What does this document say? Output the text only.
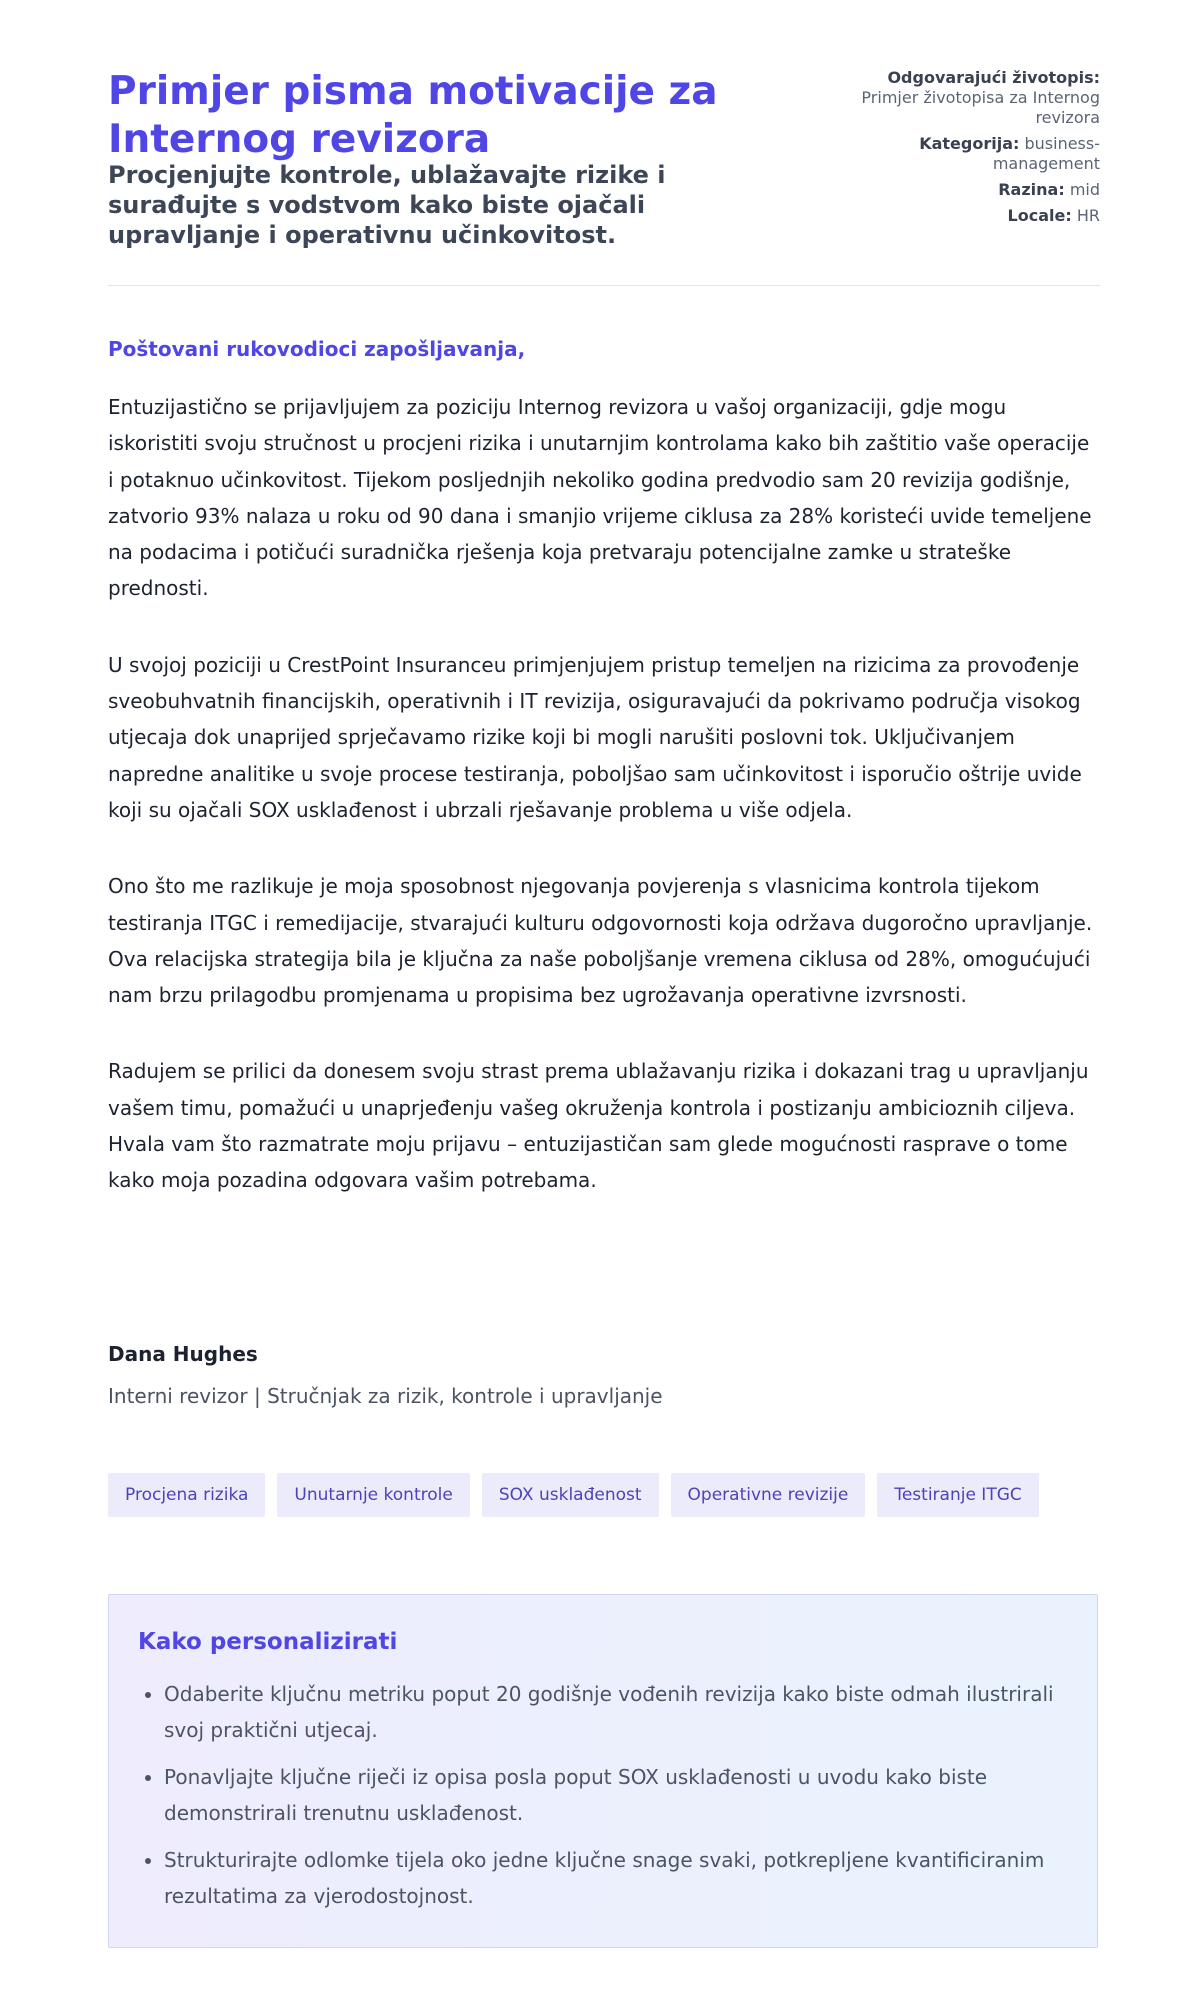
Primjer pisma motivacije za Internog revizora
Procjenjujte kontrole, ublažavajte rizike i surađujte s vodstvom kako biste ojačali upravljanje i operativnu učinkovitost.
Odgovarajući životopis:
Primjer životopisa za Internog revizora
Kategorija: business-management
Razina: mid
Locale: HR

Poštovani rukovodioci zapošljavanja,

Entuzijastično se prijavljujem za poziciju Internog revizora u vašoj organizaciji, gdje mogu iskoristiti svoju stručnost u procjeni rizika i unutarnjim kontrolama kako bih zaštitio vaše operacije i potaknuo učinkovitost. Tijekom posljednjih nekoliko godina predvodio sam 20 revizija godišnje, zatvorio 93% nalaza u roku od 90 dana i smanjio vrijeme ciklusa za 28% koristeći uvide temeljene na podacima i potičući suradnička rješenja koja pretvaraju potencijalne zamke u strateške prednosti.

U svojoj poziciji u CrestPoint Insuranceu primjenjujem pristup temeljen na rizicima za provođenje sveobuhvatnih financijskih, operativnih i IT revizija, osiguravajući da pokrivamo područja visokog utjecaja dok unaprijed sprječavamo rizike koji bi mogli narušiti poslovni tok. Uključivanjem napredne analitike u svoje procese testiranja, poboljšao sam učinkovitost i isporučio oštrije uvide koji su ojačali SOX usklađenost i ubrzali rješavanje problema u više odjela.

Ono što me razlikuje je moja sposobnost njegovanja povjerenja s vlasnicima kontrola tijekom testiranja ITGC i remedijacije, stvarajući kulturu odgovornosti koja održava dugoročno upravljanje. Ova relacijska strategija bila je ključna za naše poboljšanje vremena ciklusa od 28%, omogućujući nam brzu prilagodbu promjenama u propisima bez ugrožavanja operativne izvrsnosti.

Radujem se prilici da donesem svoju strast prema ublažavanju rizika i dokazani trag u upravljanju vašem timu, pomažući u unaprjeđenju vašeg okruženja kontrola i postizanju ambicioznih ciljeva. Hvala vam što razmatrate moju prijavu – entuzijastičan sam glede mogućnosti rasprave o tome kako moja pozadina odgovara vašim potrebama.

Dana Hughes

Interni revizor | Stručnjak za rizik, kontrole i upravljanje

Procjena rizika	Unutarnje kontrole	SOX usklađenost	Operativne revizije	Testiranje ITGC
Kako personalizirati
• Odaberite ključnu metriku poput 20 godišnje vođenih revizija kako biste odmah ilustrirali svoj praktični utjecaj.
• Ponavljajte ključne riječi iz opisa posla poput SOX usklađenosti u uvodu kako biste demonstrirali trenutnu usklađenost.
• Strukturirajte odlomke tijela oko jedne ključne snage svaki, potkrepljene kvantificiranim rezultatima za vjerodostojnost.
